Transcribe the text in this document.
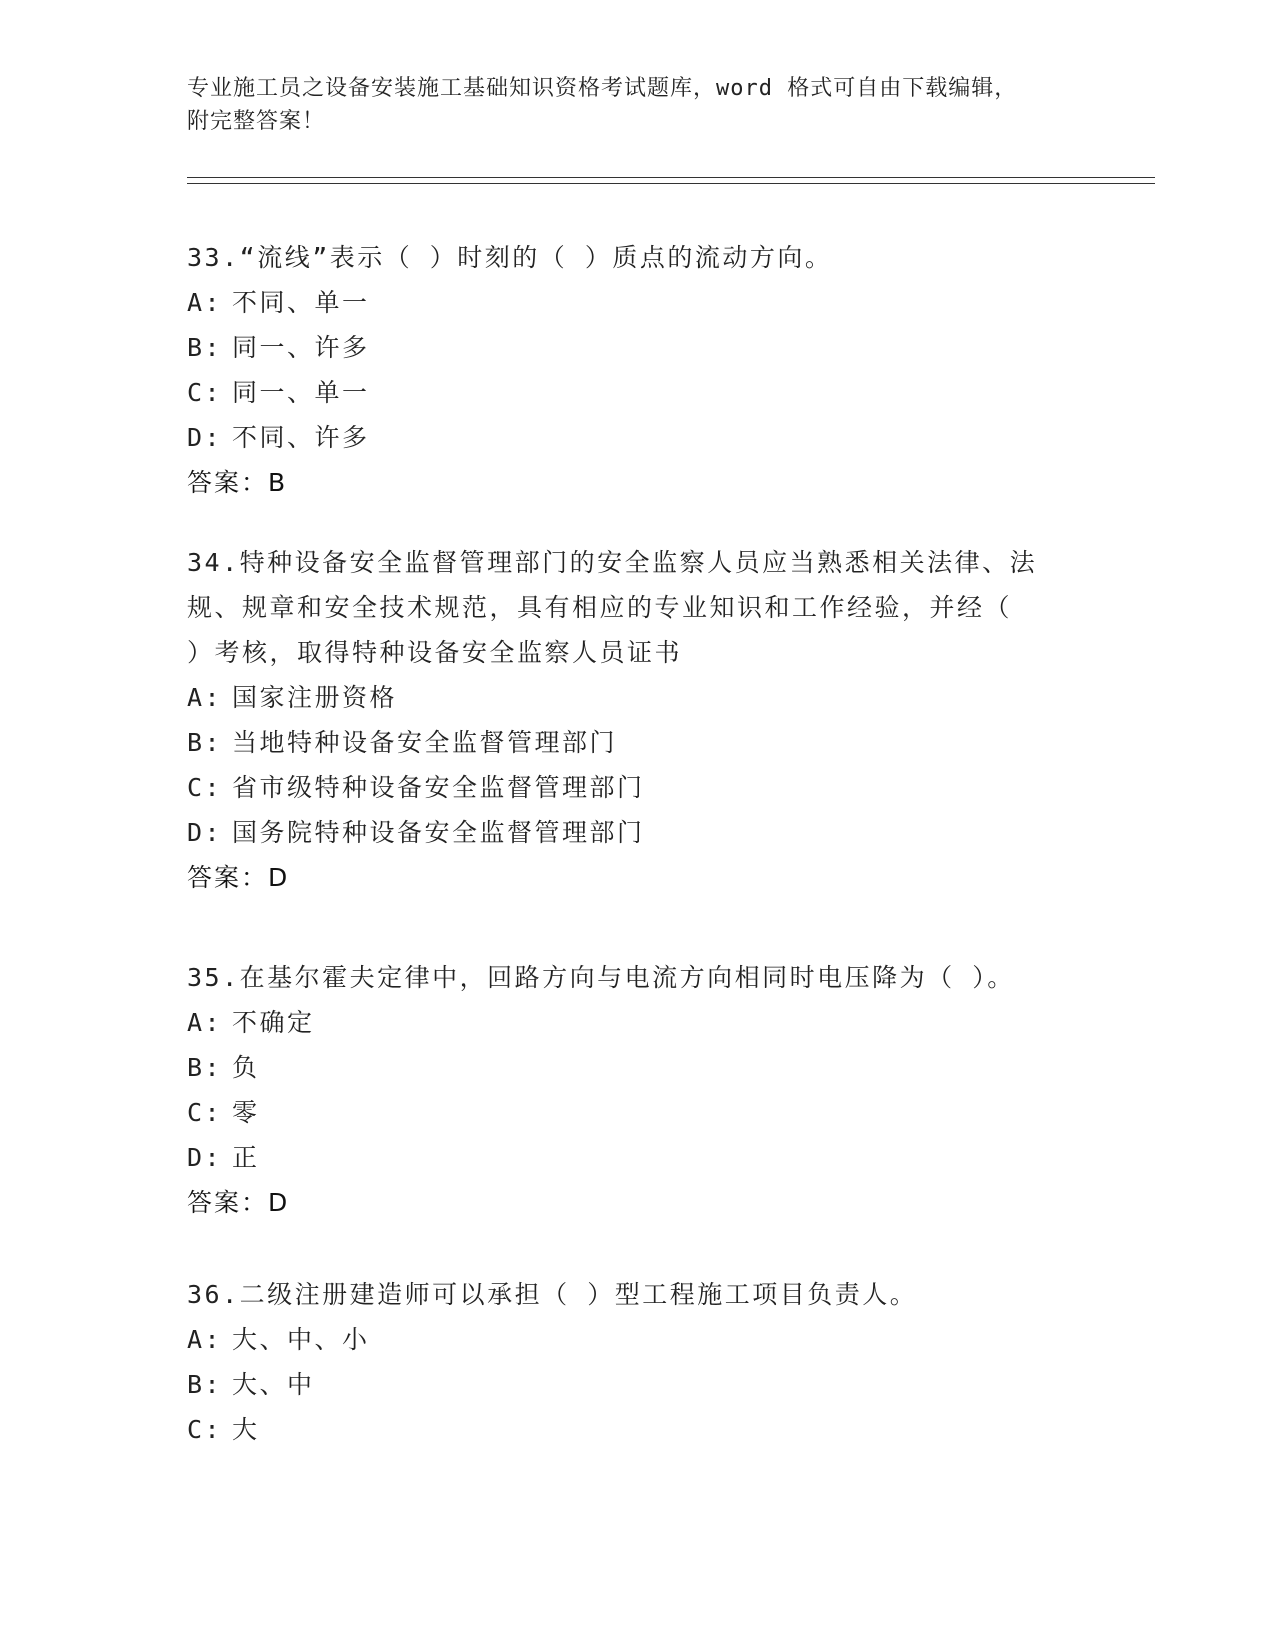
专业施工员之设备安装施工基础知识资格考试题库，word 格式可自由下载编辑，
附完整答案！
33.“流线”表示（ ）时刻的（ ）质点的流动方向。
A: 不同、单一
B: 同一、许多
C: 同一、单一
D: 不同、许多
答案：B
34.特种设备安全监督管理部门的安全监察人员应当熟悉相关法律、法
规、规章和安全技术规范，具有相应的专业知识和工作经验，并经（
）考核，取得特种设备安全监察人员证书
A: 国家注册资格
B: 当地特种设备安全监督管理部门
C: 省市级特种设备安全监督管理部门
D: 国务院特种设备安全监督管理部门
答案：D
35.在基尔霍夫定律中，回路方向与电流方向相同时电压降为（ ）。
A: 不确定
B: 负
C: 零
D: 正
答案：D
36.二级注册建造师可以承担（ ）型工程施工项目负责人。
A: 大、中、小
B: 大、中
C: 大
